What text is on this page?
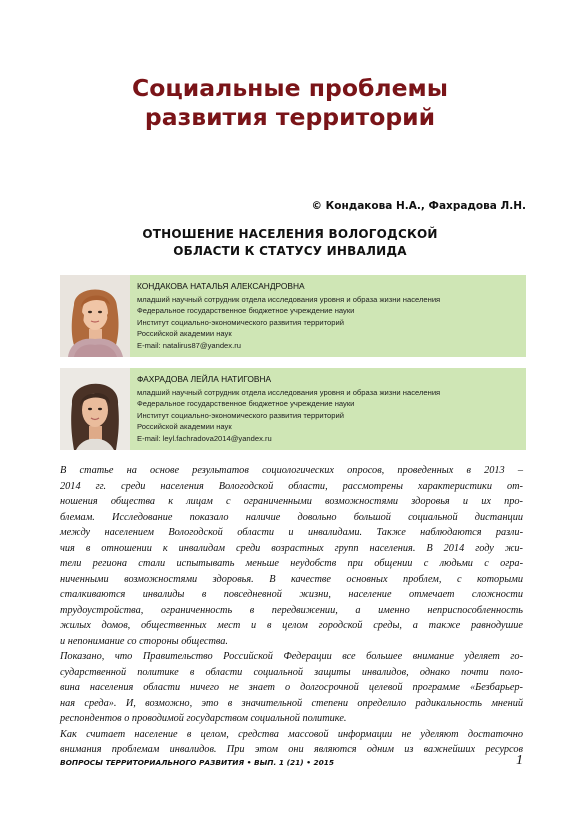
Социальные проблемы
развития территорий
© Кондакова Н.А., Фахрадова Л.Н.
ОТНОШЕНИЕ НАСЕЛЕНИЯ ВОЛОГОДСКОЙ
ОБЛАСТИ К СТАТУСУ ИНВАЛИДА
КОНДАКОВА НАТАЛЬЯ АЛЕКСАНДРОВНА
младший научный сотрудник отдела исследования уровня и образа жизни населения
Федеральное государственное бюджетное учреждение науки
Институт социально-экономического развития территорий
Российской академии наук
E-mail: natalirus87@yandex.ru
ФАХРАДОВА ЛЕЙЛА НАТИГОВНА
младший научный сотрудник отдела исследования уровня и образа жизни населения
Федеральное государственное бюджетное учреждение науки
Институт социально-экономического развития территорий
Российской академии наук
E-mail: leyl.fachradova2014@yandex.ru
В статье на основе результатов социологических опросов, проведенных в 2013 –
2014 гг. среди населения Вологодской области, рассмотрены характеристики от-
ношения общества к лицам с ограниченными возможностями здоровья и их про-
блемам. Исследование показало наличие довольно большой социальной дистанции
между населением Вологодской области и инвалидами. Также наблюдаются разли-
чия в отношении к инвалидам среди возрастных групп населения. В 2014 году жи-
тели региона стали испытывать меньше неудобств при общении с людьми с огра-
ниченными возможностями здоровья. В качестве основных проблем, с которыми
сталкиваются инвалиды в повседневной жизни, население отмечает сложности
трудоустройства, ограниченность в передвижении, а именно неприспособленность
жилых домов, общественных мест и в целом городской среды, а также равнодушие
и непонимание со стороны общества.
Показано, что Правительство Российской Федерации все большее внимание уделяет го-
сударственной политике в области социальной защиты инвалидов, однако почти поло-
вина населения области ничего не знает о долгосрочной целевой программе «Безбарьер-
ная среда». И, возможно, это в значительной степени определило радикальность мнений
респондентов о проводимой государством социальной политике.
Как считает население в целом, средства массовой информации не уделяют достаточно
внимания проблемам инвалидов. При этом они являются одним из важнейших ресурсов
ВОПРОСЫ ТЕРРИТОРИАЛЬНОГО РАЗВИТИЯ • ВЫП. 1 (21) • 2015	1
